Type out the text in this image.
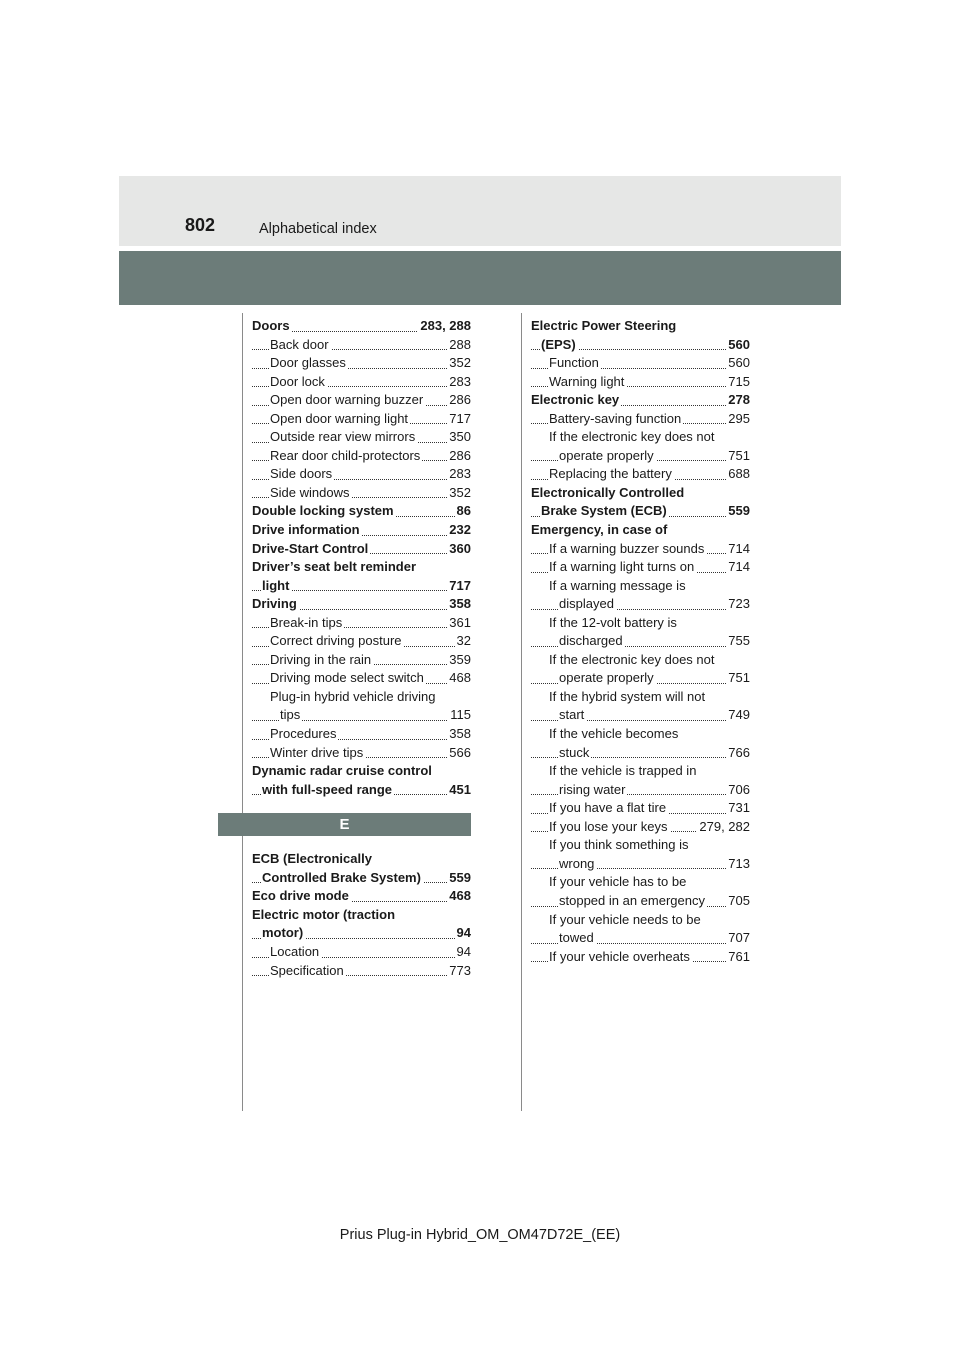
802	Alphabetical index
Doors	283, 288
Back door	288
Door glasses	352
Door lock	283
Open door warning buzzer 286
Open door warning light	717
Outside rear view mirrors	350
Rear door child-protectors 286
Side doors	283
Side windows	352
Double locking system	86
Drive information	232
Drive-Start Control	360
Driver’s seat belt reminder
light	717
Driving	358
Break-in tips	361
Correct driving posture	32
Driving in the rain	359
Driving mode select switch 468
Plug-in hybrid vehicle driving
tips	115
Procedures	358
Winter drive tips	566
Dynamic radar cruise control
with full-speed range	451
E
ECB (Electronically
Controlled Brake System) 559
Eco drive mode	468
Electric motor (traction
motor)	94
Location	94
Specification	773
Electric Power Steering
(EPS)	560
Function	560
Warning light	715
Electronic key	278
Battery-saving function	295
If the electronic key does not
operate properly	751
Replacing the battery	688
Electronically Controlled
Brake System (ECB)	559
Emergency, in case of
If a warning buzzer sounds 714
If a warning light turns on	714
If a warning message is
displayed	723
If the 12-volt battery is
discharged	755
If the electronic key does not
operate properly	751
If the hybrid system will not
start	749
If the vehicle becomes
stuck	766
If the vehicle is trapped in
rising water	706
If you have a flat tire	731
If you lose your keys 279, 282
If you think something is
wrong	713
If your vehicle has to be
stopped in an emergency 705
If your vehicle needs to be
towed	707
If your vehicle overheats	761
Prius Plug-in Hybrid_OM_OM47D72E_(EE)
